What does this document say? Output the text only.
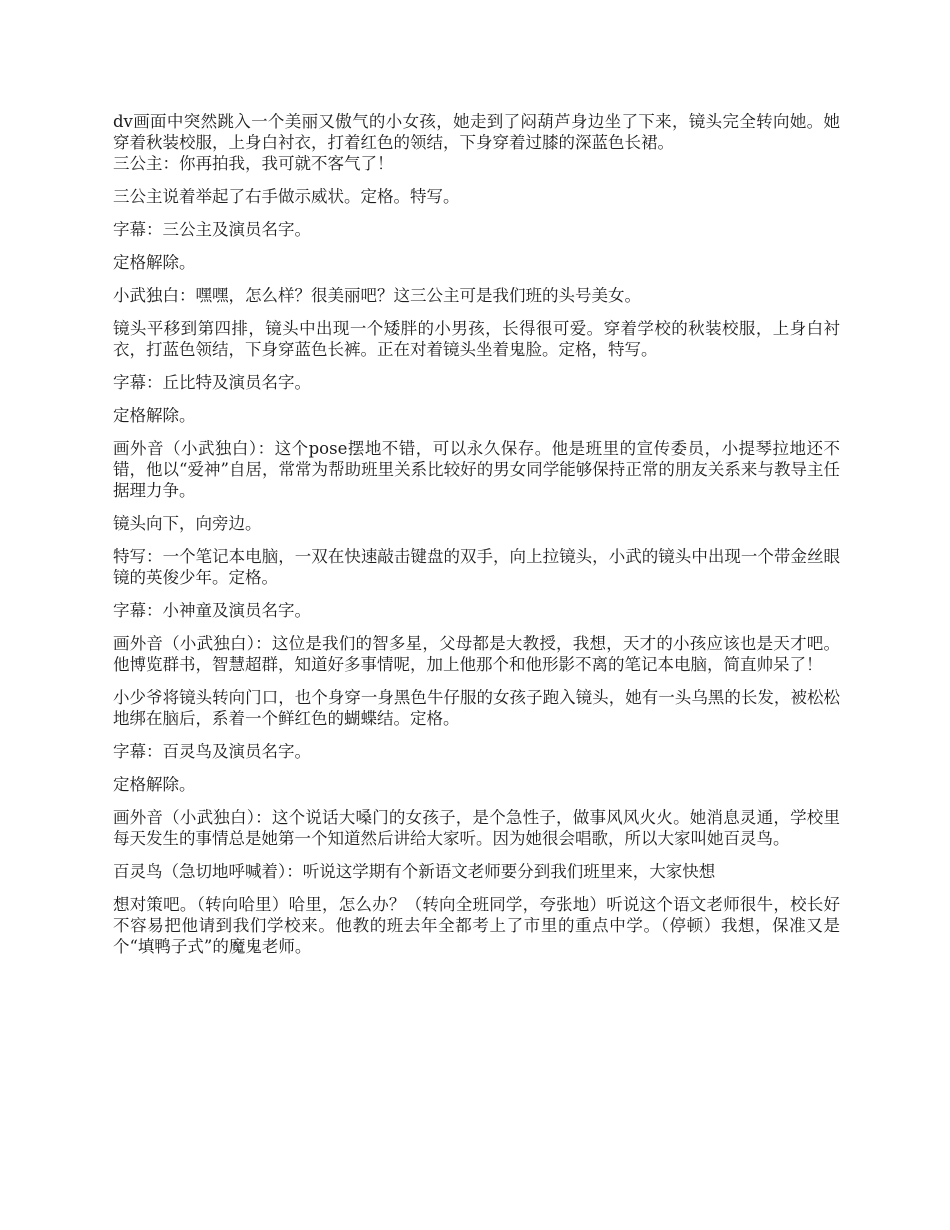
dv画面中突然跳入一个美丽又傲气的小女孩，她走到了闷葫芦身边坐了下来，镜头完全转向她。她穿着秋装校服，上身白衬衣，打着红色的领结，下身穿着过膝的深蓝色长裙。
三公主：你再拍我，我可就不客气了！

三公主说着举起了右手做示威状。定格。特写。

字幕：三公主及演员名字。

定格解除。

小武独白：嘿嘿，怎么样？很美丽吧？这三公主可是我们班的头号美女。

镜头平移到第四排，镜头中出现一个矮胖的小男孩，长得很可爱。穿着学校的秋装校服，上身白衬衣，打蓝色领结，下身穿蓝色长裤。正在对着镜头坐着鬼脸。定格，特写。

字幕：丘比特及演员名字。

定格解除。

画外音（小武独白）：这个pose摆地不错，可以永久保存。他是班里的宣传委员，小提琴拉地还不错，他以“爱神”自居，常常为帮助班里关系比较好的男女同学能够保持正常的朋友关系来与教导主任据理力争。

镜头向下，向旁边。

特写：一个笔记本电脑，一双在快速敲击键盘的双手，向上拉镜头，小武的镜头中出现一个带金丝眼镜的英俊少年。定格。

字幕：小神童及演员名字。

画外音（小武独白）：这位是我们的智多星，父母都是大教授，我想，天才的小孩应该也是天才吧。他博览群书，智慧超群，知道好多事情呢，加上他那个和他形影不离的笔记本电脑，简直帅呆了！

小少爷将镜头转向门口，也个身穿一身黑色牛仔服的女孩子跑入镜头，她有一头乌黑的长发，被松松地绑在脑后，系着一个鲜红色的蝴蝶结。定格。

字幕：百灵鸟及演员名字。

定格解除。

画外音（小武独白）：这个说话大嗓门的女孩子，是个急性子，做事风风火火。她消息灵通，学校里每天发生的事情总是她第一个知道然后讲给大家听。因为她很会唱歌，所以大家叫她百灵鸟。

百灵鸟（急切地呼喊着）：听说这学期有个新语文老师要分到我们班里来，大家快想

想对策吧。（转向哈里）哈里，怎么办？（转向全班同学，夸张地）听说这个语文老师很牛，校长好不容易把他请到我们学校来。他教的班去年全都考上了市里的重点中学。（停顿）我想，保准又是个“填鸭子式”的魔鬼老师。
